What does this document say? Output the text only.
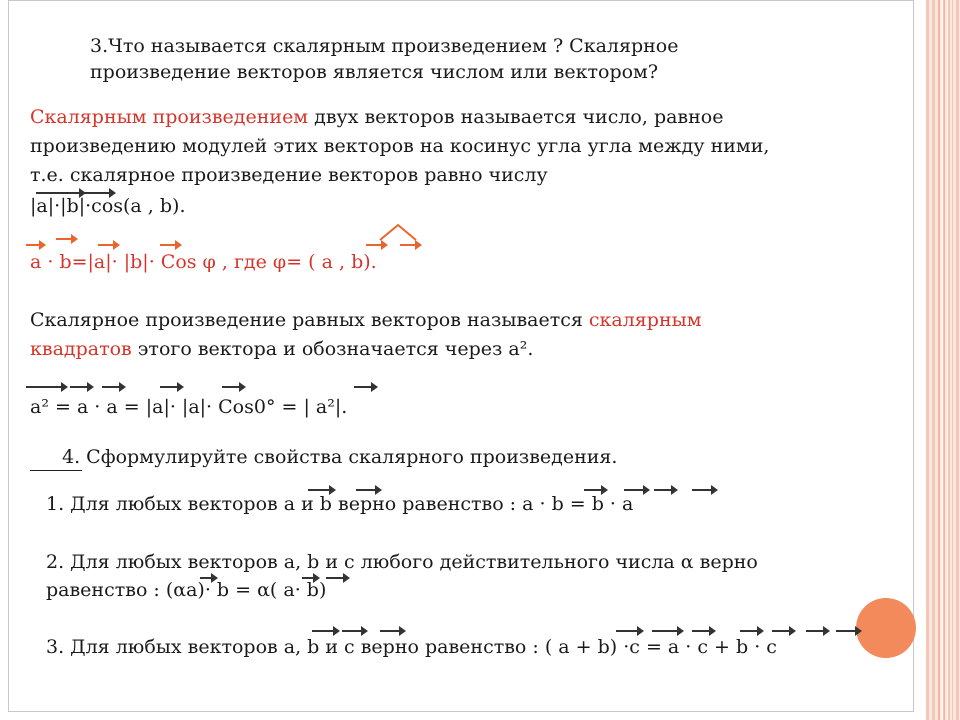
3.Что называется скалярным произведением ? Скалярное
произведение векторов является числом или вектором?
Скалярным произведением двух векторов называется число, равное
произведению модулей этих векторов на косинус угла угла между ними,
т.е. скалярное произведение векторов равно числу
|a|·|b|·cos(a , b).
a · b=|a|· |b|· Cos φ , где φ= ( a , b).
Скалярное произведение равных векторов называется скалярным
квадратов этого вектора и обозначается через a².
a² = a · a = |a|· |a|· Cos0° = | a²|.
4. Сформулируйте свойства скалярного произведения.
1. Для любых векторов a и b верно равенство : a · b = b · a
2. Для любых векторов a, b и c любого действительного числа α верно
равенство : (αa)· b = α( a· b)
3. Для любых векторов a, b и c верно равенство : ( a + b) ·c = a · c + b · c
